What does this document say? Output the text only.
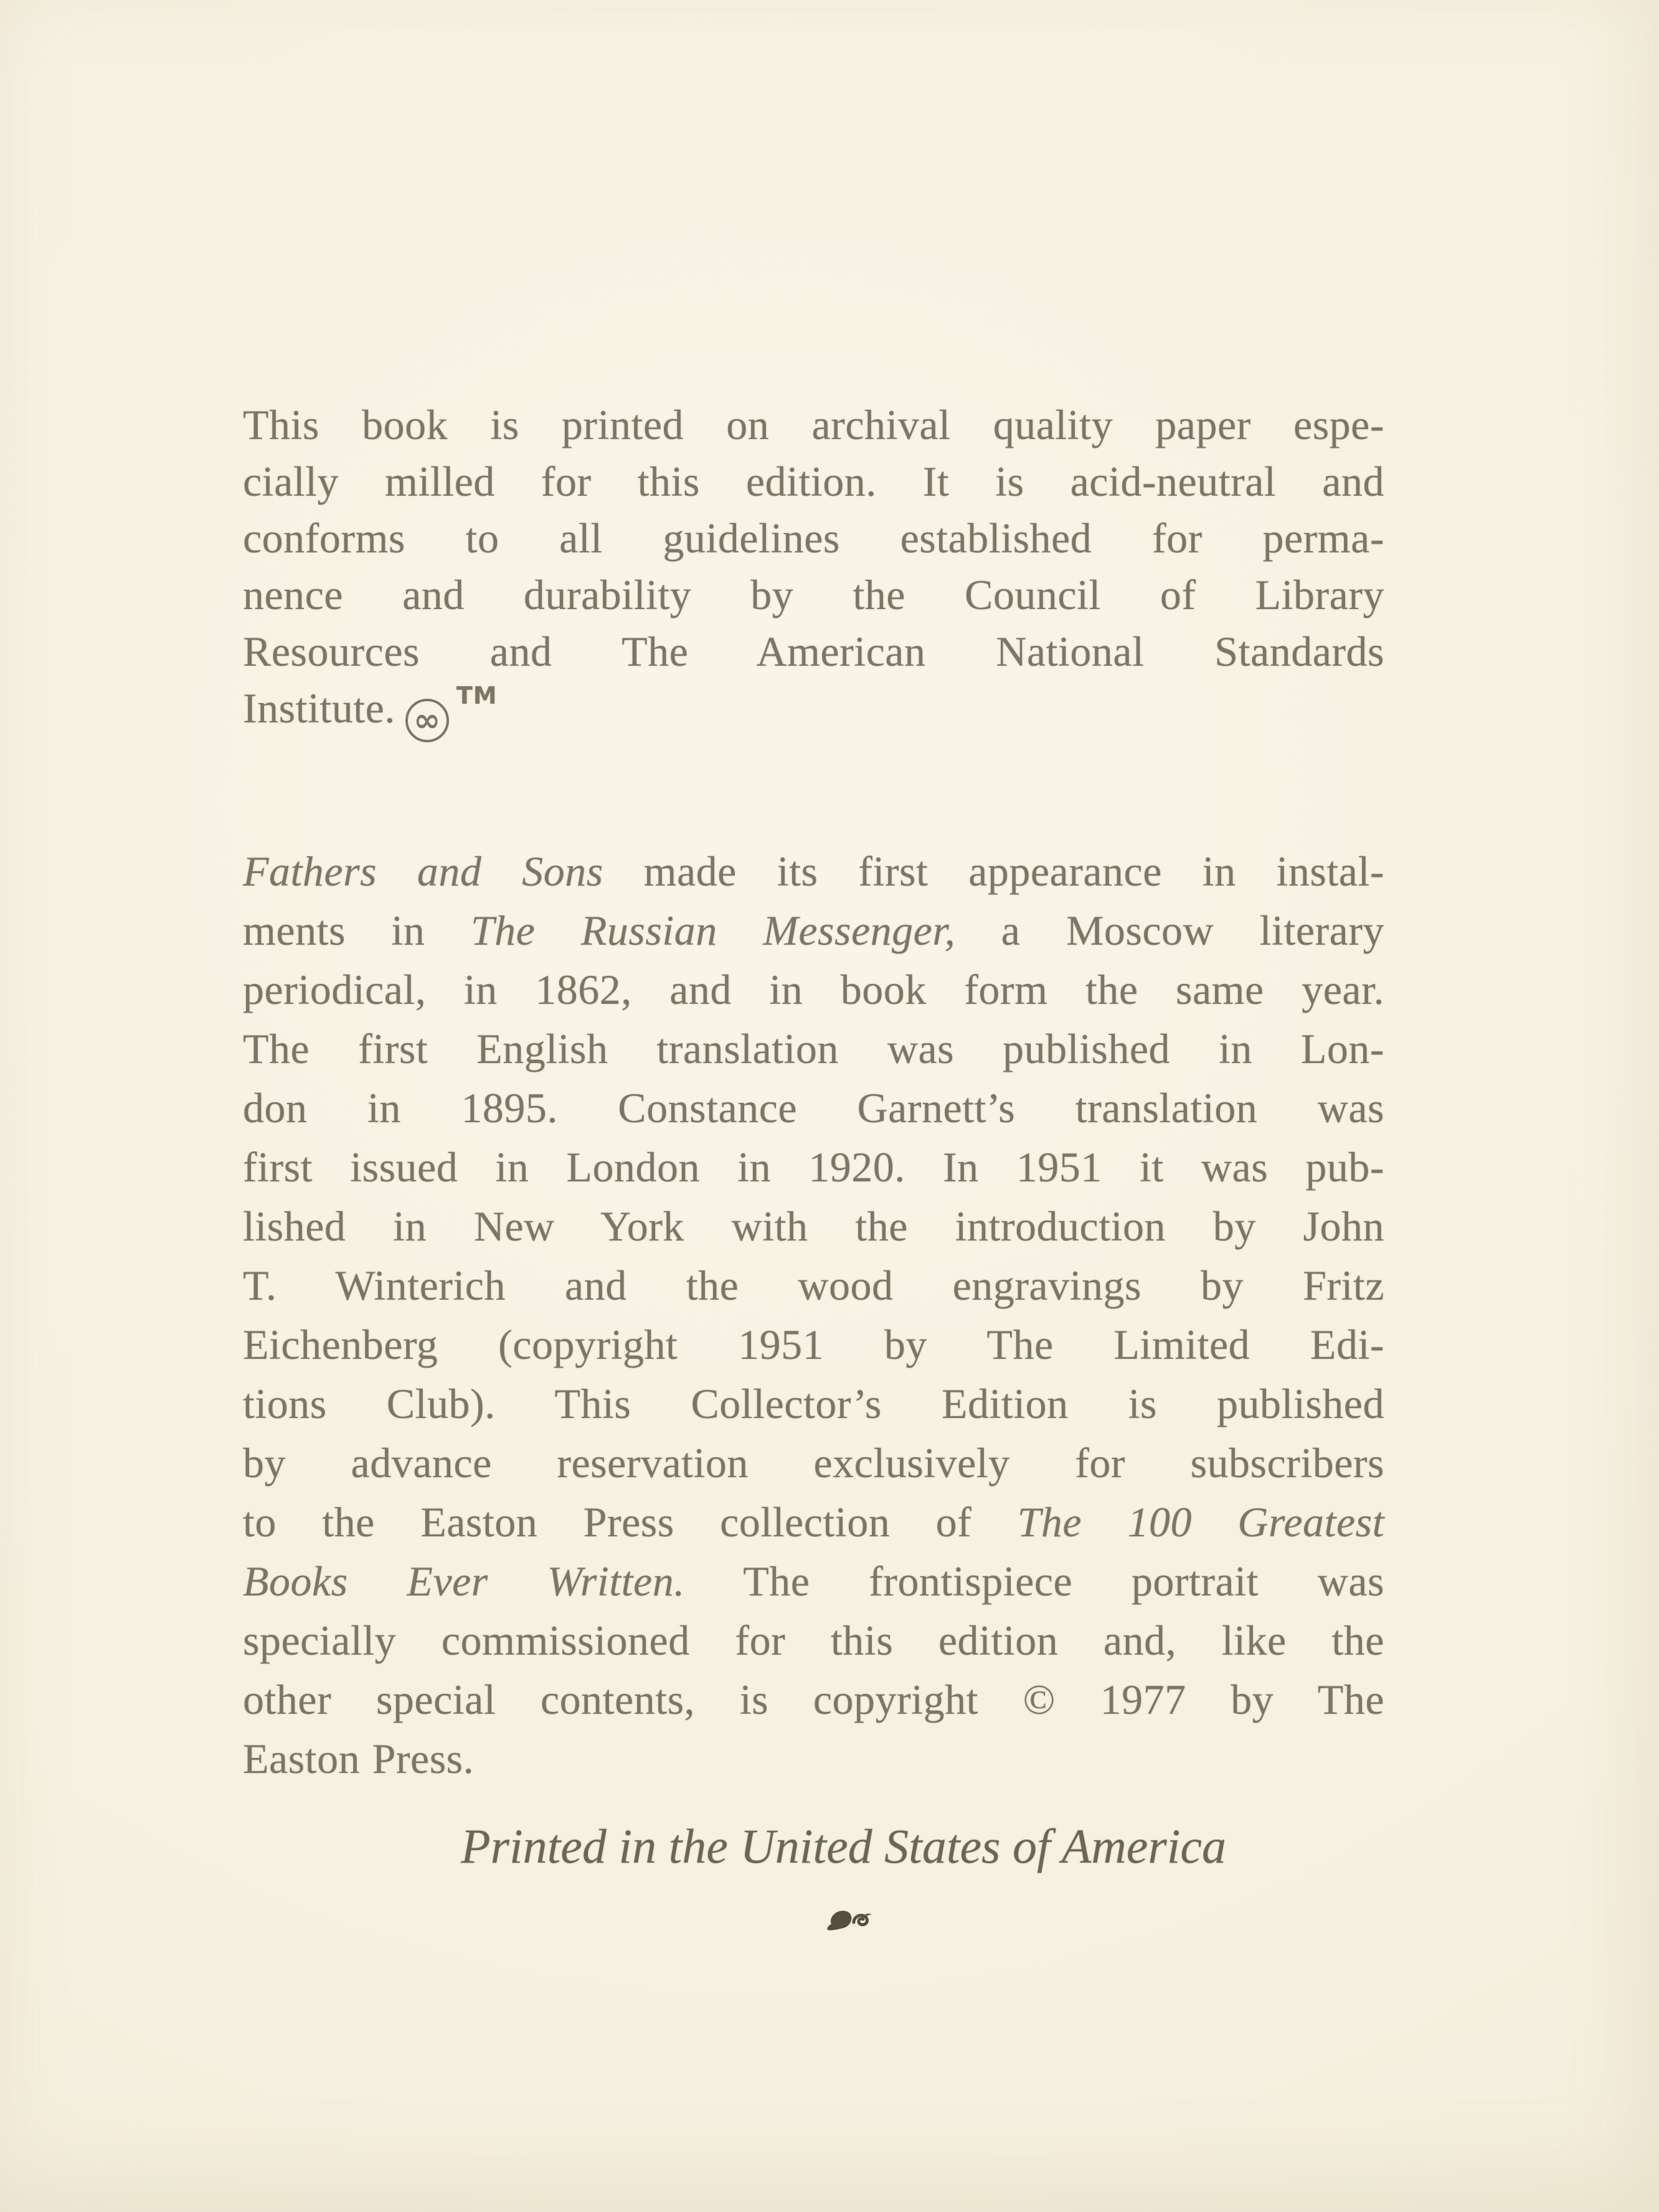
This book is printed on archival quality paper espe-
cially milled for this edition. It is acid-neutral and
conforms to all guidelines established for perma-
nence and durability by the Council of Library
Resources and The American National Standards
Institute. ∞TM
Fathers and Sons made its first appearance in instal-
ments in The Russian Messenger, a Moscow literary
periodical, in 1862, and in book form the same year.
The first English translation was published in Lon-
don in 1895. Constance Garnett’s translation was
first issued in London in 1920. In 1951 it was pub-
lished in New York with the introduction by John
T. Winterich and the wood engravings by Fritz
Eichenberg (copyright 1951 by The Limited Edi-
tions Club). This Collector’s Edition is published
by advance reservation exclusively for subscribers
to the Easton Press collection of The 100 Greatest
Books Ever Written. The frontispiece portrait was
specially commissioned for this edition and, like the
other special contents, is copyright © 1977 by The
Easton Press.
Printed in the United States of America
